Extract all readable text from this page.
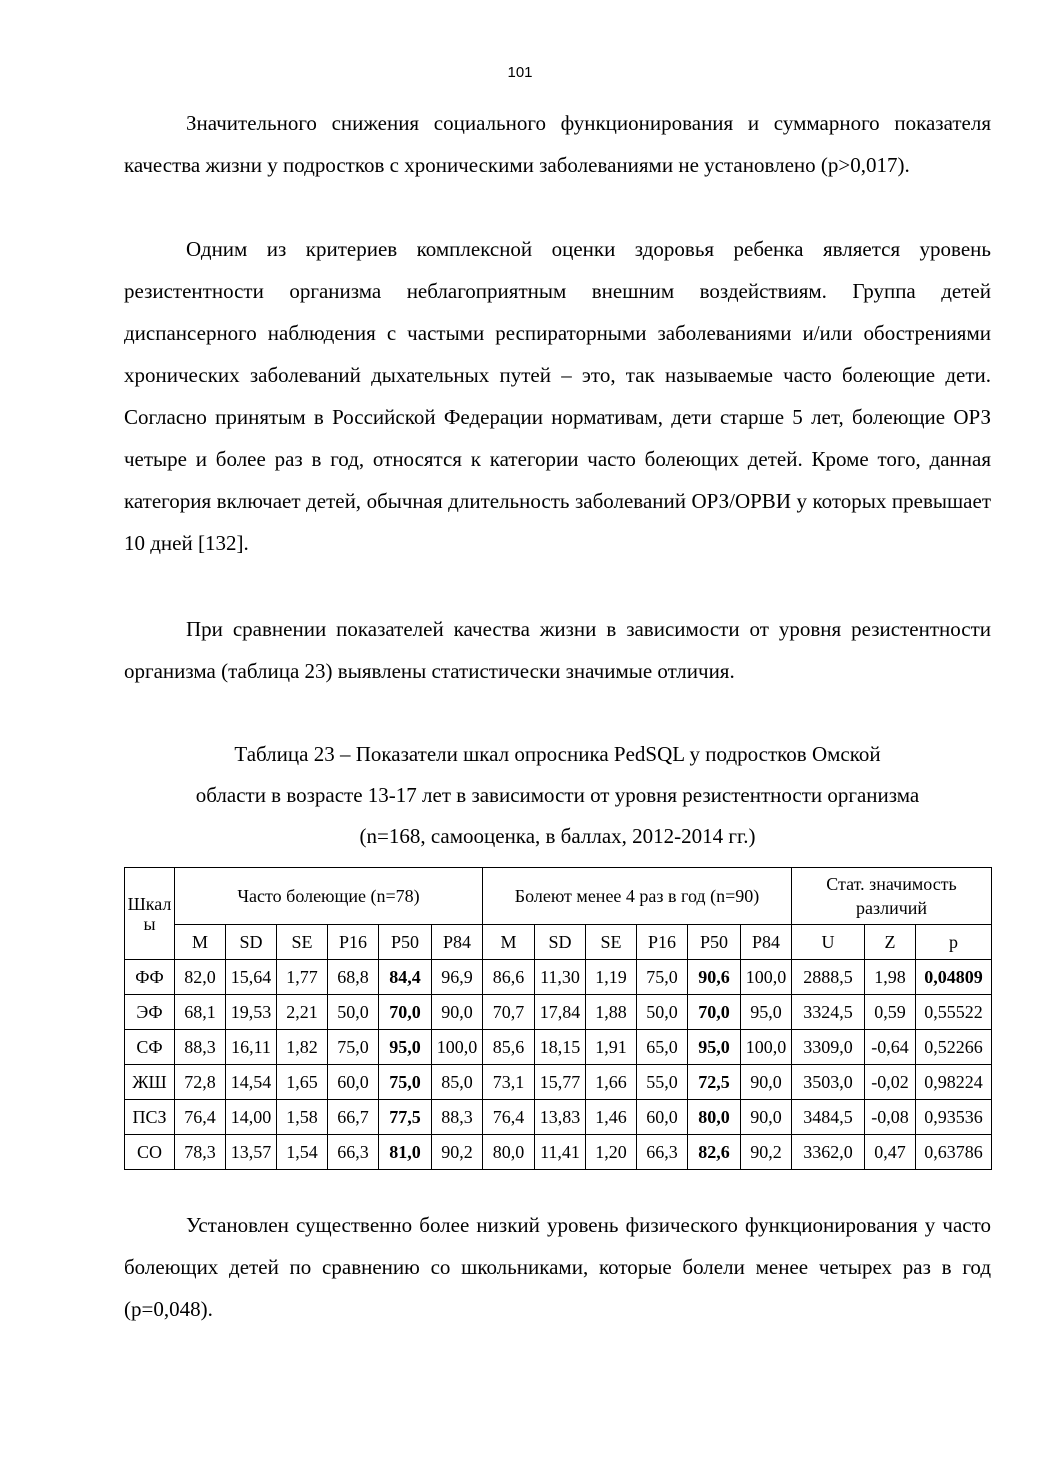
101

Значительного снижения социального функционирования и суммарного показателя качества жизни у подростков с хроническими заболеваниями не установлено (p>0,017).

Одним из критериев комплексной оценки здоровья ребенка является уровень резистентности организма неблагоприятным внешним воздействиям. Группа детей диспансерного наблюдения с частыми респираторными заболеваниями и/или обострениями хронических заболеваний дыхательных путей – это, так называемые часто болеющие дети. Согласно принятым в Российской Федерации нормативам, дети старше 5 лет, болеющие ОРЗ четыре и более раз в год, относятся к категории часто болеющих детей. Кроме того, данная категория включает детей, обычная длительность заболеваний ОРЗ/ОРВИ у которых превышает 10 дней [132].

При сравнении показателей качества жизни в зависимости от уровня резистентности организма (таблица 23) выявлены статистически значимые отличия.

Таблица 23 – Показатели шкал опросника PedSQL у подростков Омской
области в возрасте 13-17 лет в зависимости от уровня резистентности организма
(n=168, самооценка, в баллах, 2012-2014 гг.)
Шкалы	Часто болеющие (n=78)						Болеют менее 4 раз в год (n=90)						Стат. значимость различий		
	M	SD	SE	P16	P50	P84	M	SD	SE	P16	P50	P84	U	Z	p
ФФ	82,0	15,64	1,77	68,8	84,4	96,9	86,6	11,30	1,19	75,0	90,6	100,0	2888,5	1,98	0,04809
ЭФ	68,1	19,53	2,21	50,0	70,0	90,0	70,7	17,84	1,88	50,0	70,0	95,0	3324,5	0,59	0,55522
СФ	88,3	16,11	1,82	75,0	95,0	100,0	85,6	18,15	1,91	65,0	95,0	100,0	3309,0	-0,64	0,52266
ЖШ	72,8	14,54	1,65	60,0	75,0	85,0	73,1	15,77	1,66	55,0	72,5	90,0	3503,0	-0,02	0,98224
ПСЗ	76,4	14,00	1,58	66,7	77,5	88,3	76,4	13,83	1,46	60,0	80,0	90,0	3484,5	-0,08	0,93536
СО	78,3	13,57	1,54	66,3	81,0	90,2	80,0	11,41	1,20	66,3	82,6	90,2	3362,0	0,47	0,63786

Установлен существенно более низкий уровень физического функционирования у часто болеющих детей по сравнению со школьниками, которые болели менее четырех раз в год (p=0,048).
